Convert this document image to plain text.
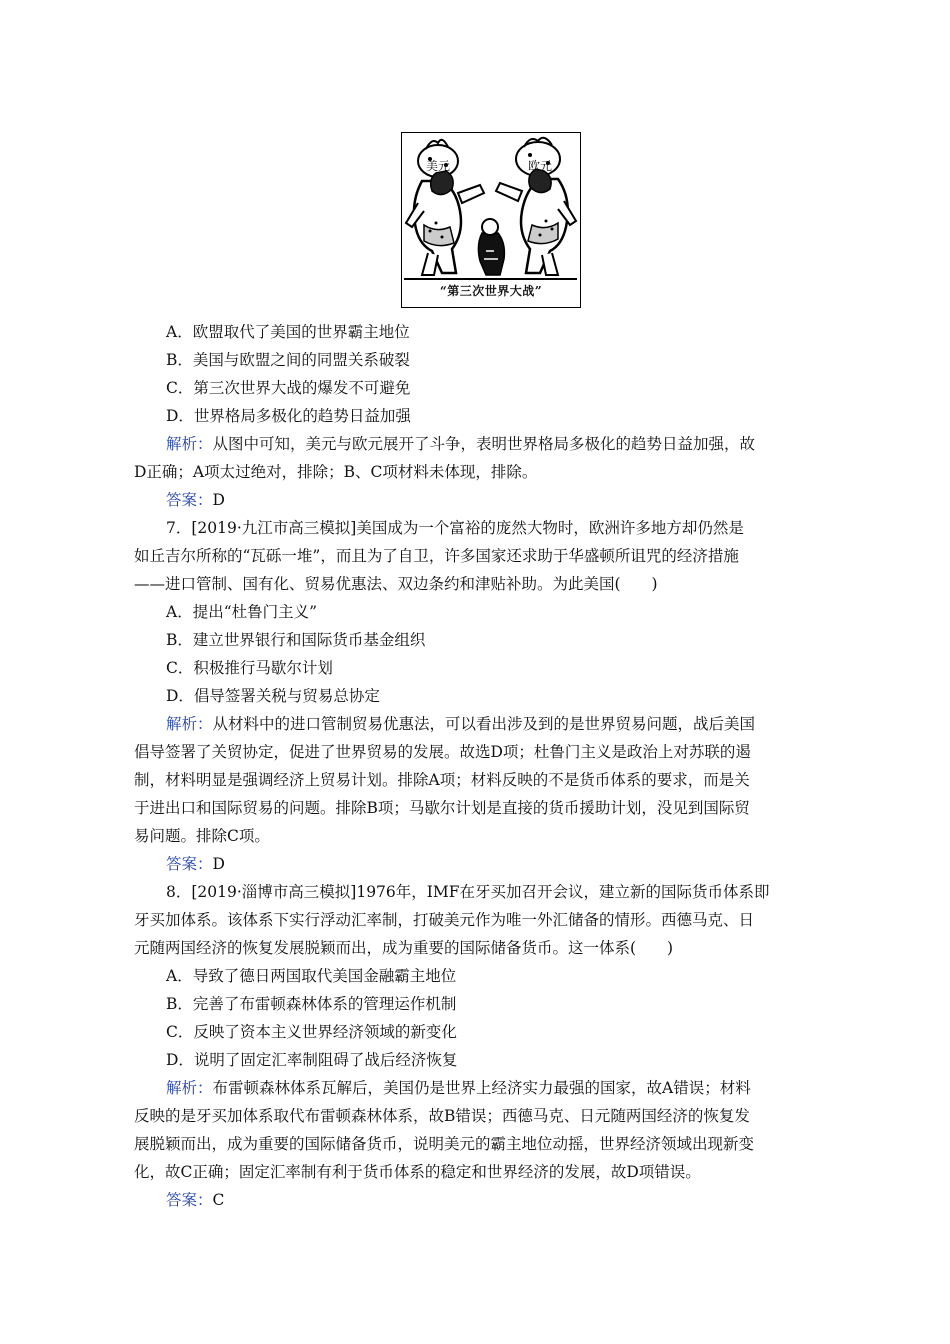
美元	欧元
“第三次世界大战”
A．欧盟取代了美国的世界霸主地位
B．美国与欧盟之间的同盟关系破裂
C．第三次世界大战的爆发不可避免
D．世界格局多极化的趋势日益加强
解析：从图中可知，美元与欧元展开了斗争，表明世界格局多极化的趋势日益加强，故
D正确；A项太过绝对，排除；B、C项材料未体现，排除。
答案：D
7．[2019·九江市高三模拟]美国成为一个富裕的庞然大物时，欧洲许多地方却仍然是
如丘吉尔所称的“瓦砾一堆”，而且为了自卫，许多国家还求助于华盛顿所诅咒的经济措施
——进口管制、国有化、贸易优惠法、双边条约和津贴补助。为此美国(　　)
A．提出“杜鲁门主义”
B．建立世界银行和国际货币基金组织
C．积极推行马歇尔计划
D．倡导签署关税与贸易总协定
解析：从材料中的进口管制贸易优惠法，可以看出涉及到的是世界贸易问题，战后美国
倡导签署了关贸协定，促进了世界贸易的发展。故选D项；杜鲁门主义是政治上对苏联的遏
制，材料明显是强调经济上贸易计划。排除A项；材料反映的不是货币体系的要求，而是关
于进出口和国际贸易的问题。排除B项；马歇尔计划是直接的货币援助计划，没见到国际贸
易问题。排除C项。
答案：D
8．[2019·淄博市高三模拟]1976年，IMF在牙买加召开会议，建立新的国际货币体系即
牙买加体系。该体系下实行浮动汇率制，打破美元作为唯一外汇储备的情形。西德马克、日
元随两国经济的恢复发展脱颖而出，成为重要的国际储备货币。这一体系(　　)
A．导致了德日两国取代美国金融霸主地位
B．完善了布雷顿森林体系的管理运作机制
C．反映了资本主义世界经济领域的新变化
D．说明了固定汇率制阻碍了战后经济恢复
解析：布雷顿森林体系瓦解后，美国仍是世界上经济实力最强的国家，故A错误；材料
反映的是牙买加体系取代布雷顿森林体系，故B错误；西德马克、日元随两国经济的恢复发
展脱颖而出，成为重要的国际储备货币，说明美元的霸主地位动摇，世界经济领域出现新变
化，故C正确；固定汇率制有利于货币体系的稳定和世界经济的发展，故D项错误。
答案：C
